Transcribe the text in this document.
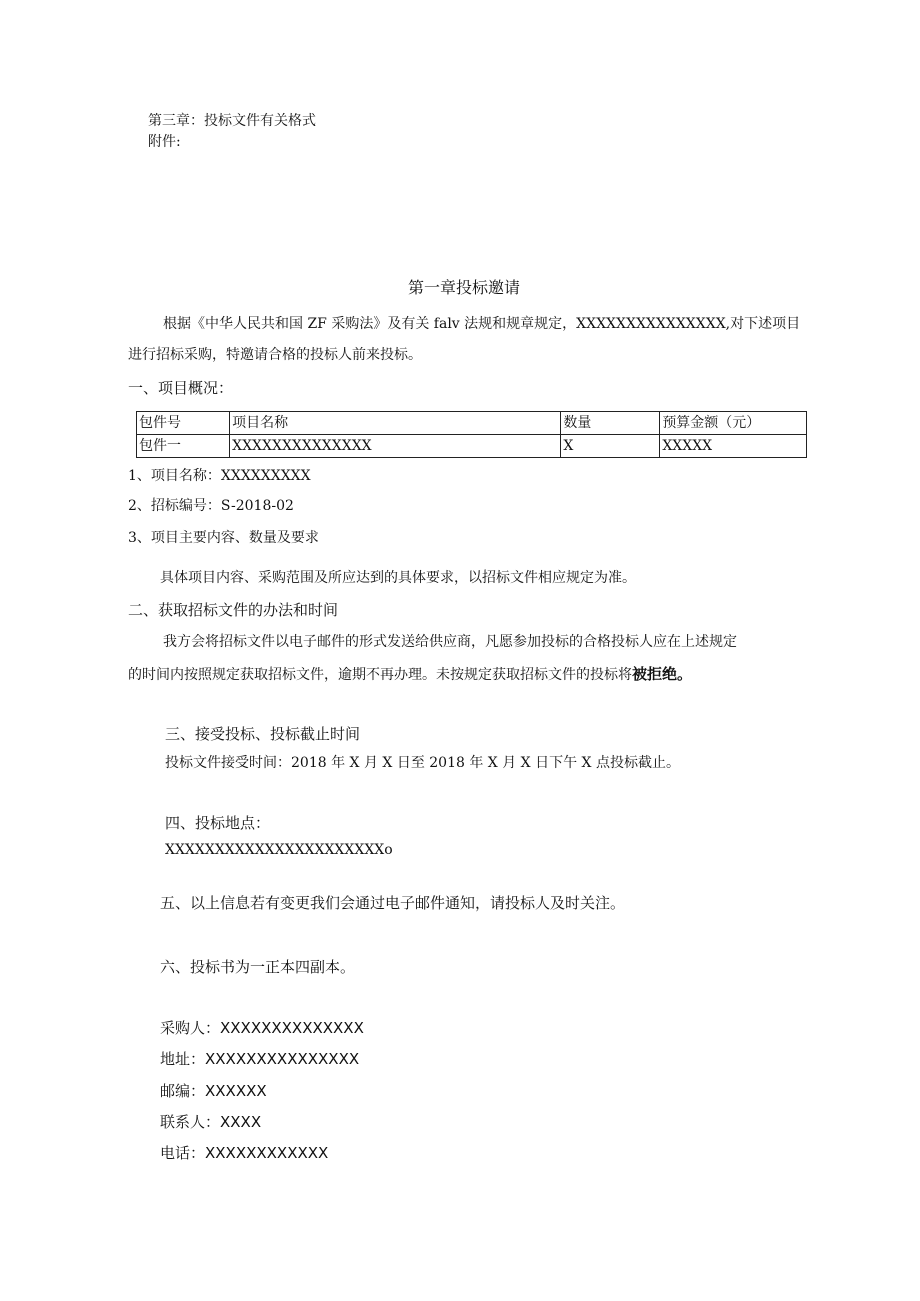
第三章：投标文件有关格式
附件:
第一章投标邀请
根据《中华人民共和国 ZF 采购法》及有关 falv 法规和规章规定，XXXXXXXXXXXXXXX,对下述项目
进行招标采购，特邀请合格的投标人前来投标。
一、项目概况：
包件号	项目名称	数量	预算金额（元）
包件一	XXXXXXXXXXXXXX	X	XXXXX
1、项目名称：XXXXXXXXX
2、招标编号：S-2018-02
3、项目主要内容、数量及要求
具体项目内容、采购范围及所应达到的具体要求，以招标文件相应规定为准。
二、获取招标文件的办法和时间
我方会将招标文件以电子邮件的形式发送给供应商，凡愿参加投标的合格投标人应在上述规定
的时间内按照规定获取招标文件，逾期不再办理。未按规定获取招标文件的投标将被拒绝。
三、接受投标、投标截止时间
投标文件接受时间：2018 年 X 月 X 日至 2018 年 X 月 X 日下午 X 点投标截止。
四、投标地点：
XXXXXXXXXXXXXXXXXXXXXXo
五、以上信息若有变更我们会通过电子邮件通知，请投标人及时关注。
六、投标书为一正本四副本。
采购人：XXXXXXXXXXXXXX
地址：XXXXXXXXXXXXXXX
邮编：XXXXXX
联系人：XXXX
电话：XXXXXXXXXXXX
